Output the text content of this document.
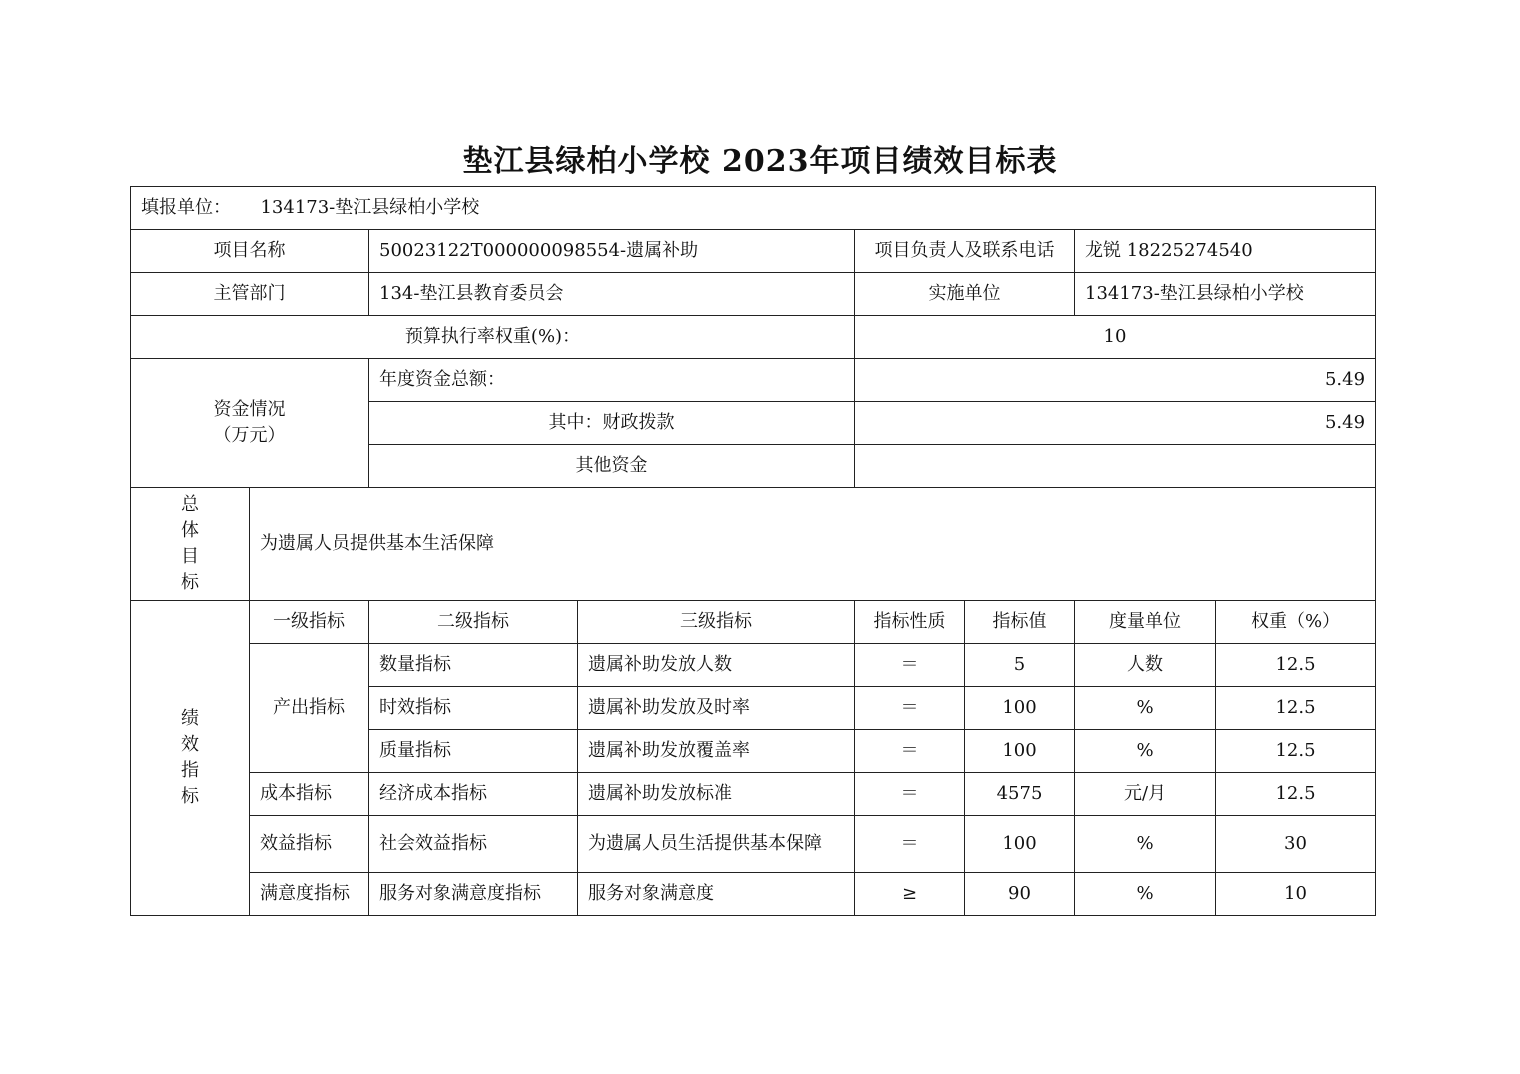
垫江县绿柏小学校 2023年项目绩效目标表
填报单位： 134173-垫江县绿柏小学校							
项目名称		50023122T000000098554-遗属补助		项目负责人及联系电话		龙锐 18225274540	
主管部门		134-垫江县教育委员会		实施单位		134173-垫江县绿柏小学校	
预算执行率权重(%)：				10			

资金情况
（万元）		年度资金总额：		5.49			
		其中：财政拨款		5.49			
		其他资金					

总
体
目
标	为遗属人员提供基本生活保障						

绩
效
指
标	一级指标	二级指标	三级指标	指标性质	指标值	度量单位	权重（%）
	产出指标	数量指标	遗属补助发放人数	＝	5	人数	12.5
		时效指标	遗属补助发放及时率	＝	100	%	12.5
		质量指标	遗属补助发放覆盖率	＝	100	%	12.5
	成本指标	经济成本指标	遗属补助发放标准	＝	4575	元/月	12.5
	效益指标	社会效益指标	为遗属人员生活提供基本保障	＝	100	%	30
	满意度指标	服务对象满意度指标	服务对象满意度	≥	90	%	10
